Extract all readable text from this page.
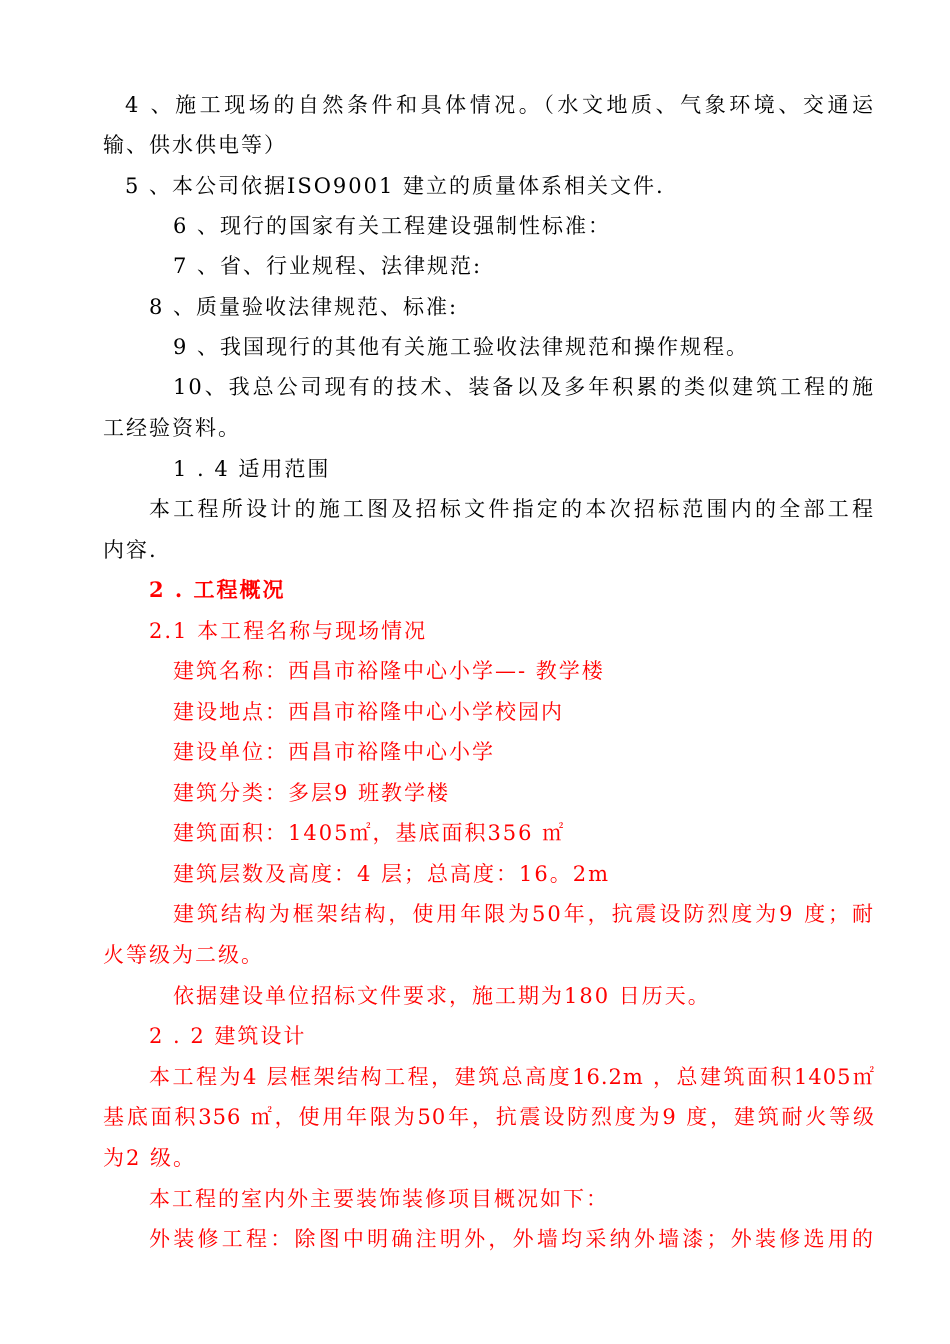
4 、施工现场的自然条件和具体情况。（水文地质、气象环境、交通运
输、供水供电等）
5 、本公司依据ISO9001 建立的质量体系相关文件.
6 、现行的国家有关工程建设强制性标准：
7 、省、行业规程、法律规范:
8 、质量验收法律规范、标准:
9 、我国现行的其他有关施工验收法律规范和操作规程。
10、我总公司现有的技术、装备以及多年积累的类似建筑工程的施
工经验资料。
1 . 4 适用范围
本工程所设计的施工图及招标文件指定的本次招标范围内的全部工程
内容.
2 . 工程概况
2.1 本工程名称与现场情况
建筑名称：西昌市裕隆中心小学—- 教学楼
建设地点：西昌市裕隆中心小学校园内
建设单位：西昌市裕隆中心小学
建筑分类：多层9 班教学楼
建筑面积：1405㎡，基底面积356 ㎡
建筑层数及高度：4 层；总高度：16。2m
建筑结构为框架结构，使用年限为50年，抗震设防烈度为9 度；耐
火等级为二级。
依据建设单位招标文件要求，施工期为180 日历天。
2 . 2 建筑设计
本工程为4 层框架结构工程，建筑总高度16.2m ，总建筑面积1405㎡
基底面积356 ㎡，使用年限为50年，抗震设防烈度为9 度，建筑耐火等级
为2 级。
本工程的室内外主要装饰装修项目概况如下：
外装修工程：除图中明确注明外，外墙均采纳外墙漆；外装修选用的
